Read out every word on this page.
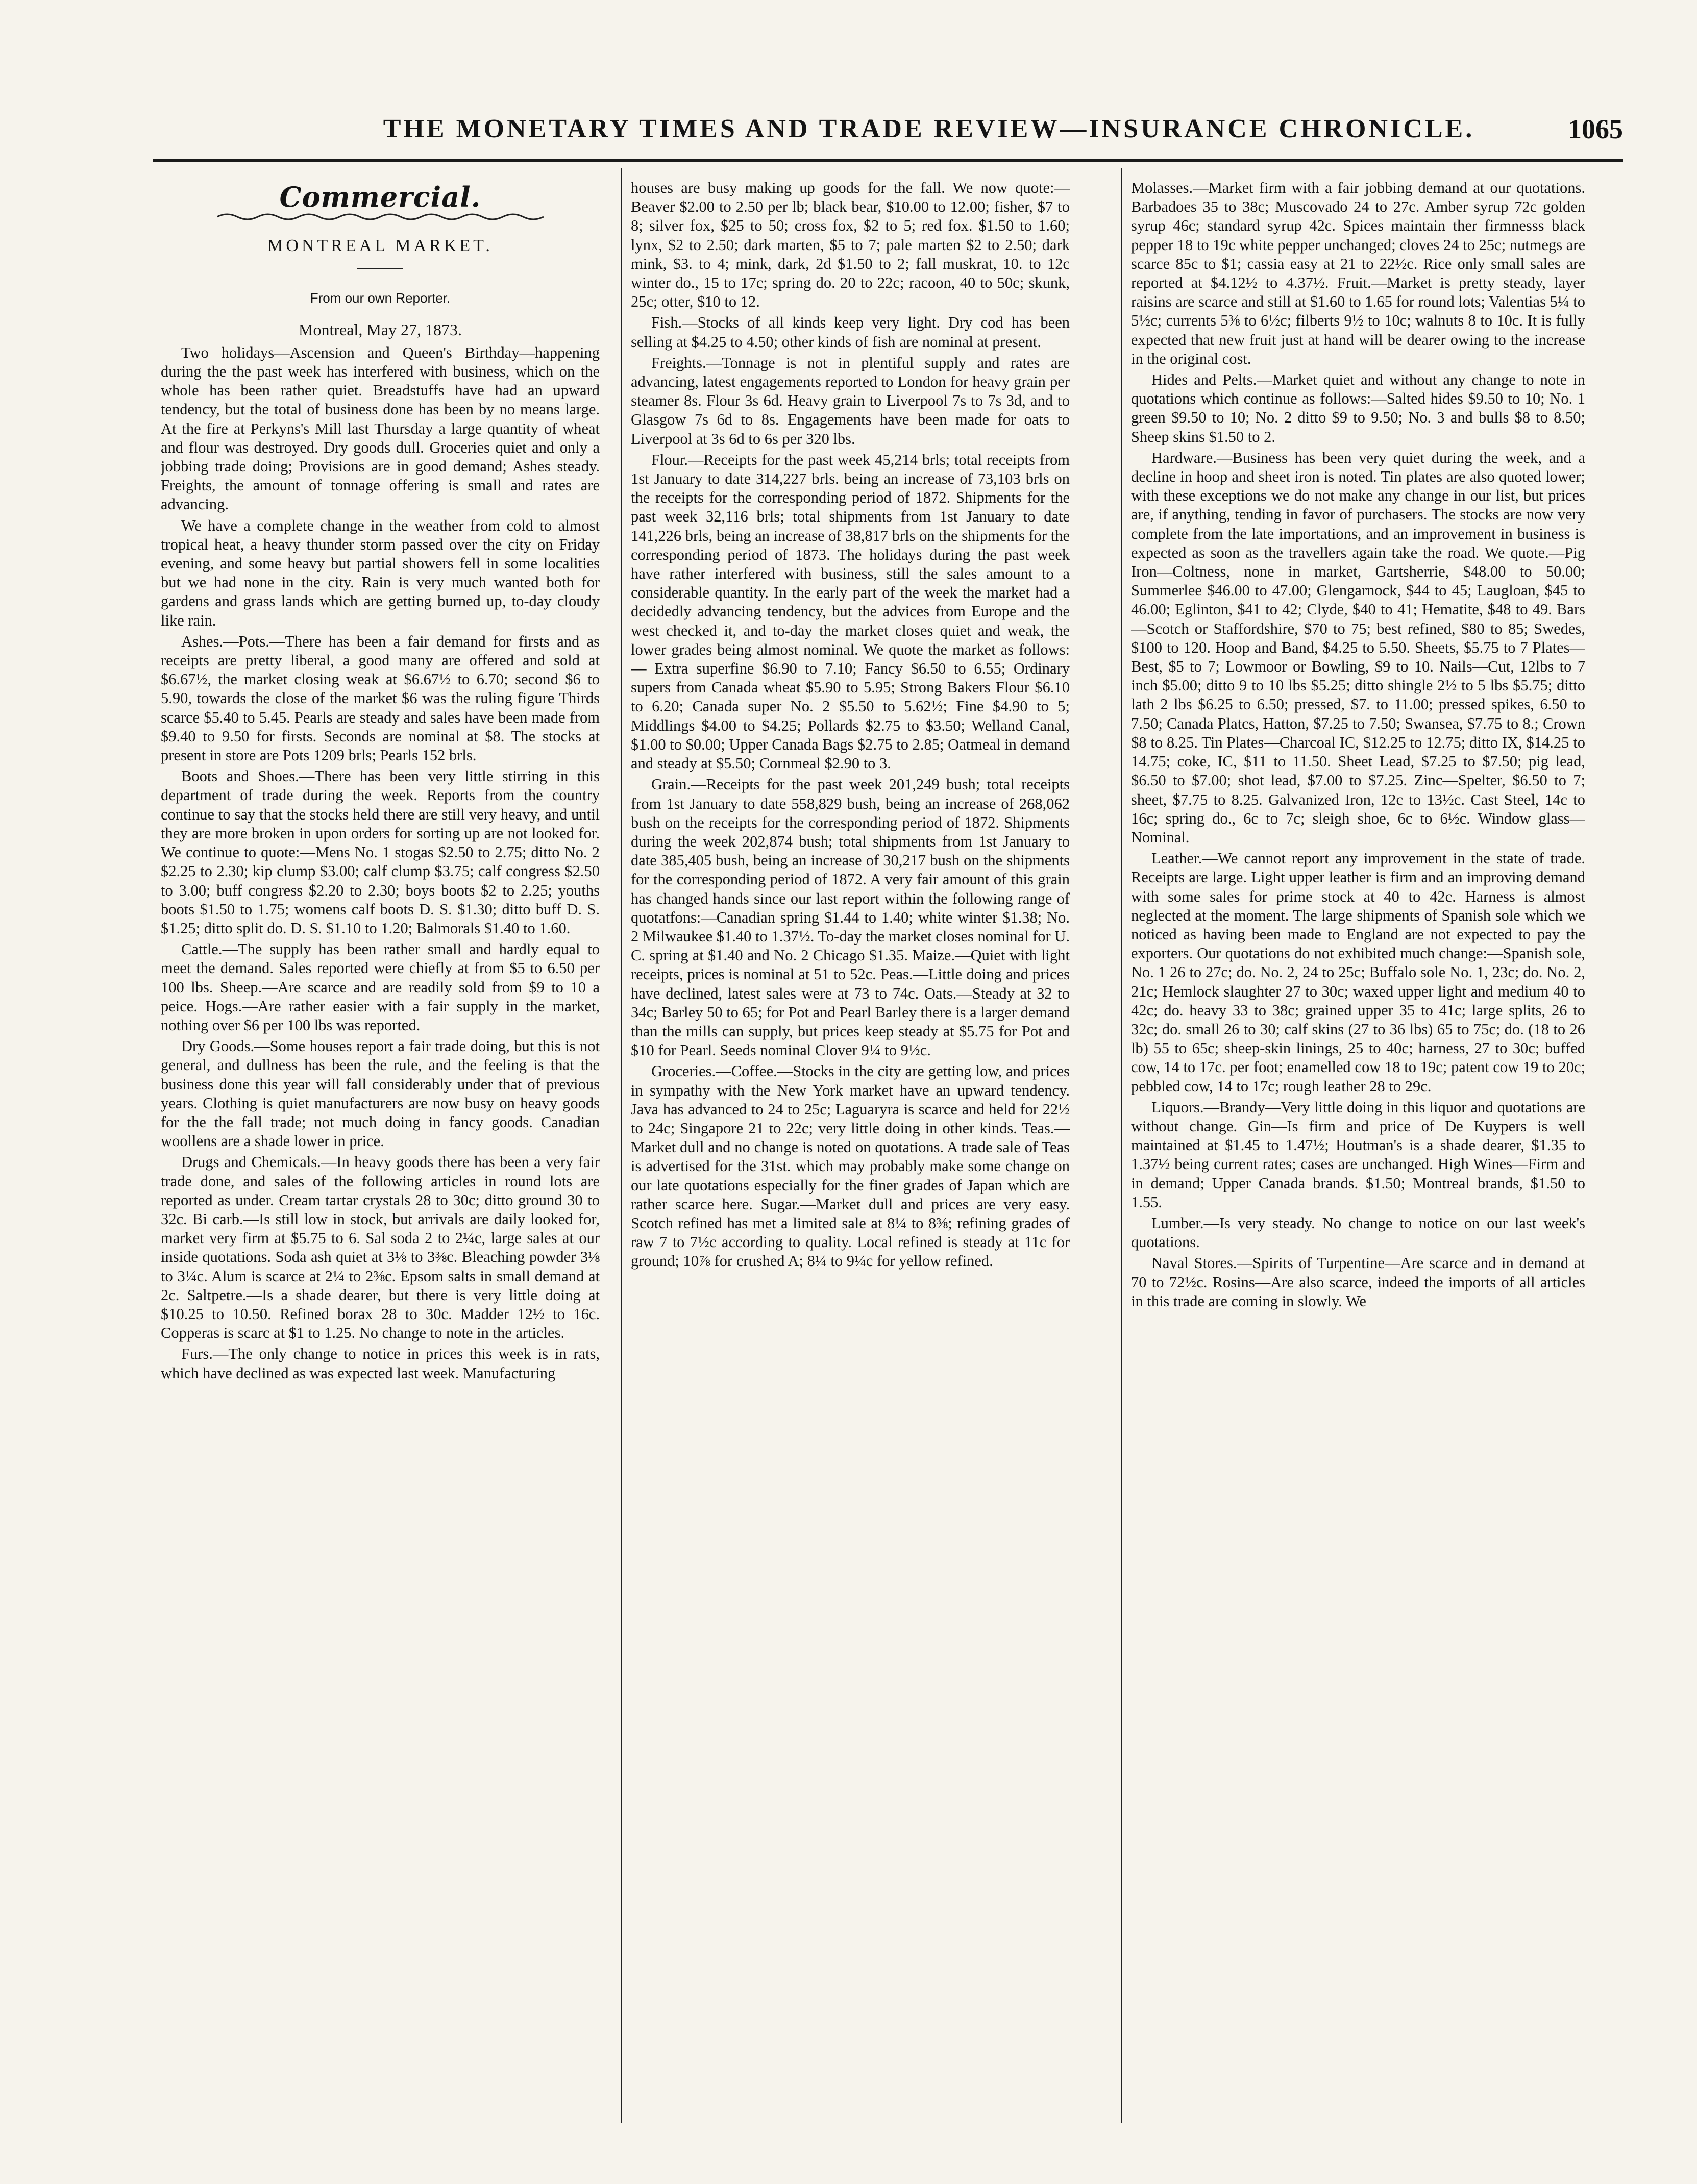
THE MONETARY TIMES AND TRADE REVIEW—INSURANCE CHRONICLE.	1065
Commercial.
MONTREAL MARKET.
From our own Reporter.
Montreal, May 27, 1873.

Two holidays—Ascension and Queen's Birthday—happening during the the past week has interfered with business, which on the whole has been rather quiet. Breadstuffs have had an upward tendency, but the total of business done has been by no means large. At the fire at Perkyns's Mill last Thursday a large quantity of wheat and flour was destroyed. Dry goods dull. Groceries quiet and only a jobbing trade doing; Provisions are in good demand; Ashes steady. Freights, the amount of tonnage offering is small and rates are advancing.

We have a complete change in the weather from cold to almost tropical heat, a heavy thunder storm passed over the city on Friday evening, and some heavy but partial showers fell in some localities but we had none in the city. Rain is very much wanted both for gardens and grass lands which are getting burned up, to-day cloudy like rain.

Ashes.—Pots.—There has been a fair demand for firsts and as receipts are pretty liberal, a good many are offered and sold at $6.67½, the market closing weak at $6.67½ to 6.70; second $6 to 5.90, towards the close of the market $6 was the ruling figure Thirds scarce $5.40 to 5.45. Pearls are steady and sales have been made from $9.40 to 9.50 for firsts. Seconds are nominal at $8. The stocks at present in store are Pots 1209 brls; Pearls 152 brls.

Boots and Shoes.—There has been very little stirring in this department of trade during the week. Reports from the country continue to say that the stocks held there are still very heavy, and until they are more broken in upon orders for sorting up are not looked for. We continue to quote:—Mens No. 1 stogas $2.50 to 2.75; ditto No. 2 $2.25 to 2.30; kip clump $3.00; calf clump $3.75; calf congress $2.50 to 3.00; buff congress $2.20 to 2.30; boys boots $2 to 2.25; youths boots $1.50 to 1.75; womens calf boots D. S. $1.30; ditto buff D. S. $1.25; ditto split do. D. S. $1.10 to 1.20; Balmorals $1.40 to 1.60.

Cattle.—The supply has been rather small and hardly equal to meet the demand. Sales reported were chiefly at from $5 to 6.50 per 100 lbs. Sheep.—Are scarce and are readily sold from $9 to 10 a peice. Hogs.—Are rather easier with a fair supply in the market, nothing over $6 per 100 lbs was reported.

Dry Goods.—Some houses report a fair trade doing, but this is not general, and dullness has been the rule, and the feeling is that the business done this year will fall considerably under that of previous years. Clothing is quiet manufacturers are now busy on heavy goods for the the fall trade; not much doing in fancy goods. Canadian woollens are a shade lower in price.

Drugs and Chemicals.—In heavy goods there has been a very fair trade done, and sales of the following articles in round lots are reported as under. Cream tartar crystals 28 to 30c; ditto ground 30 to 32c. Bi carb.—Is still low in stock, but arrivals are daily looked for, market very firm at $5.75 to 6. Sal soda 2 to 2¼c, large sales at our inside quotations. Soda ash quiet at 3⅛ to 3⅜c. Bleaching powder 3⅛ to 3¼c. Alum is scarce at 2¼ to 2⅜c. Epsom salts in small demand at 2c. Saltpetre.—Is a shade dearer, but there is very little doing at $10.25 to 10.50. Refined borax 28 to 30c. Madder 12½ to 16c. Copperas is scarc at $1 to 1.25. No change to note in the articles.

Furs.—The only change to notice in prices this week is in rats, which have declined as was expected last week. Manufacturing

houses are busy making up goods for the fall. We now quote:—Beaver $2.00 to 2.50 per lb; black bear, $10.00 to 12.00; fisher, $7 to 8; silver fox, $25 to 50; cross fox, $2 to 5; red fox. $1.50 to 1.60; lynx, $2 to 2.50; dark marten, $5 to 7; pale marten $2 to 2.50; dark mink, $3. to 4; mink, dark, 2d $1.50 to 2; fall muskrat, 10. to 12c winter do., 15 to 17c; spring do. 20 to 22c; racoon, 40 to 50c; skunk, 25c; otter, $10 to 12.

Fish.—Stocks of all kinds keep very light. Dry cod has been selling at $4.25 to 4.50; other kinds of fish are nominal at present.

Freights.—Tonnage is not in plentiful supply and rates are advancing, latest engagements reported to London for heavy grain per steamer 8s. Flour 3s 6d. Heavy grain to Liverpool 7s to 7s 3d, and to Glasgow 7s 6d to 8s. Engagements have been made for oats to Liverpool at 3s 6d to 6s per 320 lbs.

Flour.—Receipts for the past week 45,214 brls; total receipts from 1st January to date 314,227 brls. being an increase of 73,103 brls on the receipts for the corresponding period of 1872. Shipments for the past week 32,116 brls; total shipments from 1st January to date 141,226 brls, being an increase of 38,817 brls on the shipments for the corresponding period of 1873. The holidays during the past week have rather interfered with business, still the sales amount to a considerable quantity. In the early part of the week the market had a decidedly advancing tendency, but the advices from Europe and the west checked it, and to-day the market closes quiet and weak, the lower grades being almost nominal. We quote the market as follows:— Extra superfine $6.90 to 7.10; Fancy $6.50 to 6.55; Ordinary supers from Canada wheat $5.90 to 5.95; Strong Bakers Flour $6.10 to 6.20; Canada super No. 2 $5.50 to 5.62½; Fine $4.90 to 5; Middlings $4.00 to $4.25; Pollards $2.75 to $3.50; Welland Canal, $1.00 to $0.00; Upper Canada Bags $2.75 to 2.85; Oatmeal in demand and steady at $5.50; Cornmeal $2.90 to 3.

Grain.—Receipts for the past week 201,249 bush; total receipts from 1st January to date 558,829 bush, being an increase of 268,062 bush on the receipts for the corresponding period of 1872. Shipments during the week 202,874 bush; total shipments from 1st January to date 385,405 bush, being an increase of 30,217 bush on the shipments for the corresponding period of 1872. A very fair amount of this grain has changed hands since our last report within the following range of quotatfons:—Canadian spring $1.44 to 1.40; white winter $1.38; No. 2 Milwaukee $1.40 to 1.37½. To-day the market closes nominal for U. C. spring at $1.40 and No. 2 Chicago $1.35. Maize.—Quiet with light receipts, prices is nominal at 51 to 52c. Peas.—Little doing and prices have declined, latest sales were at 73 to 74c. Oats.—Steady at 32 to 34c; Barley 50 to 65; for Pot and Pearl Barley there is a larger demand than the mills can supply, but prices keep steady at $5.75 for Pot and $10 for Pearl. Seeds nominal Clover 9¼ to 9½c.

Groceries.—Coffee.—Stocks in the city are getting low, and prices in sympathy with the New York market have an upward tendency. Java has advanced to 24 to 25c; Laguaryra is scarce and held for 22½ to 24c; Singapore 21 to 22c; very little doing in other kinds. Teas.—Market dull and no change is noted on quotations. A trade sale of Teas is advertised for the 31st. which may probably make some change on our late quotations especially for the finer grades of Japan which are rather scarce here. Sugar.—Market dull and prices are very easy. Scotch refined has met a limited sale at 8¼ to 8⅜; refining grades of raw 7 to 7½c according to quality. Local refined is steady at 11c for ground; 10⅞ for crushed A; 8¼ to 9¼c for yellow refined.

Molasses.—Market firm with a fair jobbing demand at our quotations. Barbadoes 35 to 38c; Muscovado 24 to 27c. Amber syrup 72c golden syrup 46c; standard syrup 42c. Spices maintain ther firmnesss black pepper 18 to 19c white pepper unchanged; cloves 24 to 25c; nutmegs are scarce 85c to $1; cassia easy at 21 to 22½c. Rice only small sales are reported at $4.12½ to 4.37½. Fruit.—Market is pretty steady, layer raisins are scarce and still at $1.60 to 1.65 for round lots; Valentias 5¼ to 5½c; currents 5⅜ to 6½c; filberts 9½ to 10c; walnuts 8 to 10c. It is fully expected that new fruit just at hand will be dearer owing to the increase in the original cost.

Hides and Pelts.—Market quiet and without any change to note in quotations which continue as follows:—Salted hides $9.50 to 10; No. 1 green $9.50 to 10; No. 2 ditto $9 to 9.50; No. 3 and bulls $8 to 8.50; Sheep skins $1.50 to 2.

Hardware.—Business has been very quiet during the week, and a decline in hoop and sheet iron is noted. Tin plates are also quoted lower; with these exceptions we do not make any change in our list, but prices are, if anything, tending in favor of purchasers. The stocks are now very complete from the late importations, and an improvement in business is expected as soon as the travellers again take the road. We quote.—Pig Iron—Coltness, none in market, Gartsherrie, $48.00 to 50.00; Summerlee $46.00 to 47.00; Glengarnock, $44 to 45; Laugloan, $45 to 46.00; Eglinton, $41 to 42; Clyde, $40 to 41; Hematite, $48 to 49. Bars—Scotch or Staffordshire, $70 to 75; best refined, $80 to 85; Swedes, $100 to 120. Hoop and Band, $4.25 to 5.50. Sheets, $5.75 to 7 Plates—Best, $5 to 7; Lowmoor or Bowling, $9 to 10. Nails—Cut, 12lbs to 7 inch $5.00; ditto 9 to 10 lbs $5.25; ditto shingle 2½ to 5 lbs $5.75; ditto lath 2 lbs $6.25 to 6.50; pressed, $7. to 11.00; pressed spikes, 6.50 to 7.50; Canada Platcs, Hatton, $7.25 to 7.50; Swansea, $7.75 to 8.; Crown $8 to 8.25. Tin Plates—Charcoal IC, $12.25 to 12.75; ditto IX, $14.25 to 14.75; coke, IC, $11 to 11.50. Sheet Lead, $7.25 to $7.50; pig lead, $6.50 to $7.00; shot lead, $7.00 to $7.25. Zinc—Spelter, $6.50 to 7; sheet, $7.75 to 8.25. Galvanized Iron, 12c to 13½c. Cast Steel, 14c to 16c; spring do., 6c to 7c; sleigh shoe, 6c to 6½c. Window glass—Nominal.

Leather.—We cannot report any improvement in the state of trade. Receipts are large. Light upper leather is firm and an improving demand with some sales for prime stock at 40 to 42c. Harness is almost neglected at the moment. The large shipments of Spanish sole which we noticed as having been made to England are not expected to pay the exporters. Our quotations do not exhibited much change:—Spanish sole, No. 1 26 to 27c; do. No. 2, 24 to 25c; Buffalo sole No. 1, 23c; do. No. 2, 21c; Hemlock slaughter 27 to 30c; waxed upper light and medium 40 to 42c; do. heavy 33 to 38c; grained upper 35 to 41c; large splits, 26 to 32c; do. small 26 to 30; calf skins (27 to 36 lbs) 65 to 75c; do. (18 to 26 lb) 55 to 65c; sheep-skin linings, 25 to 40c; harness, 27 to 30c; buffed cow, 14 to 17c. per foot; enamelled cow 18 to 19c; patent cow 19 to 20c; pebbled cow, 14 to 17c; rough leather 28 to 29c.

Liquors.—Brandy—Very little doing in this liquor and quotations are without change. Gin—Is firm and price of De Kuypers is well maintained at $1.45 to 1.47½; Houtman's is a shade dearer, $1.35 to 1.37½ being current rates; cases are unchanged. High Wines—Firm and in demand; Upper Canada brands. $1.50; Montreal brands, $1.50 to 1.55.

Lumber.—Is very steady. No change to notice on our last week's quotations.

Naval Stores.—Spirits of Turpentine—Are scarce and in demand at 70 to 72½c. Rosins—Are also scarce, indeed the imports of all articles in this trade are coming in slowly. We
